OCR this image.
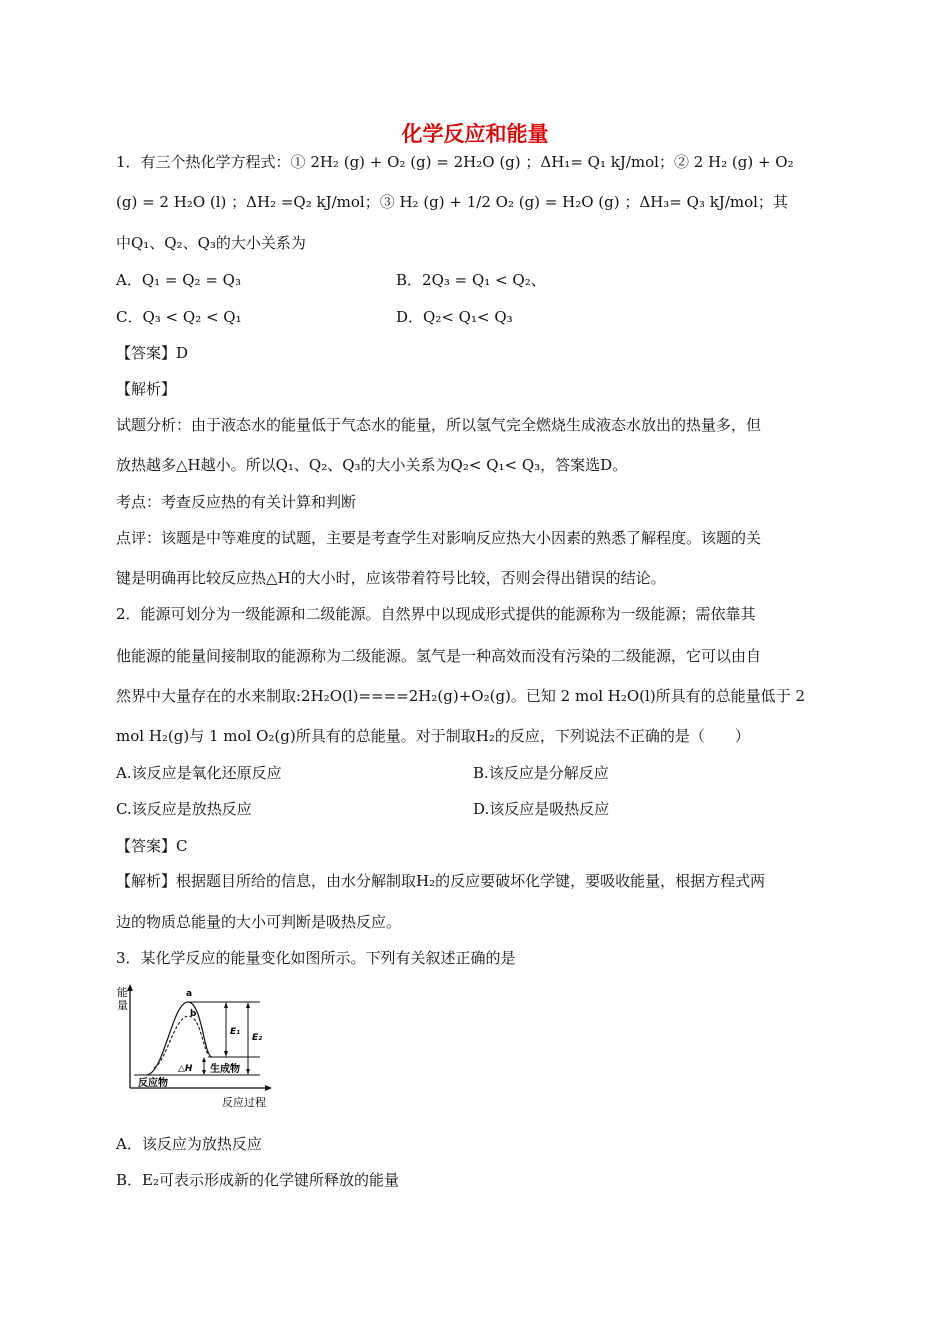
化学反应和能量
1．有三个热化学方程式：① 2H₂ (g) + O₂ (g) = 2H₂O (g) ；ΔH₁= Q₁ kJ/mol；② 2 H₂ (g) + O₂
(g) = 2 H₂O (l) ；ΔH₂ =Q₂ kJ/mol；③ H₂ (g) + 1/2 O₂ (g) = H₂O (g) ；ΔH₃= Q₃ kJ/mol；其
中Q₁、Q₂、Q₃的大小关系为
A．Q₁ = Q₂ = Q₃	B．2Q₃ = Q₁ < Q₂、
C．Q₃ < Q₂ < Q₁	D．Q₂< Q₁< Q₃
【答案】D
【解析】
试题分析：由于液态水的能量低于气态水的能量，所以氢气完全燃烧生成液态水放出的热量多，但
放热越多△H越小。所以Q₁、Q₂、Q₃的大小关系为Q₂< Q₁< Q₃，答案选D。
考点：考查反应热的有关计算和判断
点评：该题是中等难度的试题，主要是考查学生对影响反应热大小因素的熟悉了解程度。该题的关
键是明确再比较反应热△H的大小时，应该带着符号比较，否则会得出错误的结论。
2．能源可划分为一级能源和二级能源。自然界中以现成形式提供的能源称为一级能源；需依靠其
他能源的能量间接制取的能源称为二级能源。氢气是一种高效而没有污染的二级能源，它可以由自
然界中大量存在的水来制取:2H₂O(l)====2H₂(g)+O₂(g)。已知 2 mol H₂O(l)所具有的总能量低于 2
mol H₂(g)与 1 mol O₂(g)所具有的总能量。对于制取H₂的反应，下列说法不正确的是（　　）
A.该反应是氧化还原反应	B.该反应是分解反应
C.该反应是放热反应	D.该反应是吸热反应
【答案】C
【解析】根据题目所给的信息，由水分解制取H₂的反应要破坏化学键，要吸收能量，根据方程式两
边的物质总能量的大小可判断是吸热反应。
3．某化学反应的能量变化如图所示。下列有关叙述正确的是
能
量
反应过程
a
b
E₁
E₂
△H 生成物
反应物
A．该反应为放热反应
B．E₂可表示形成新的化学键所释放的能量
